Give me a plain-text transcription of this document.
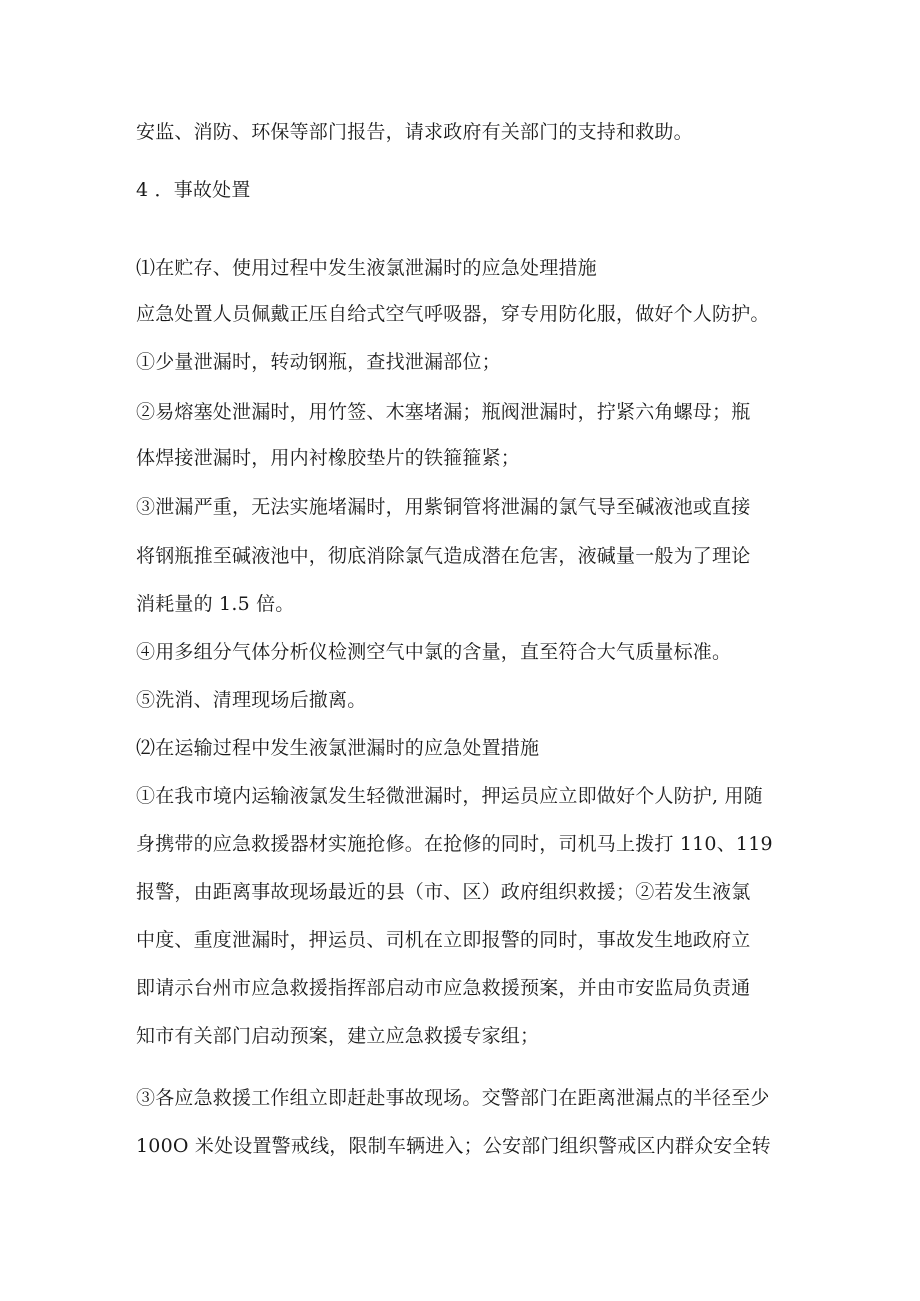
安监、消防、环保等部门报告，请求政府有关部门的支持和救助。
4 ．事故处置
⑴在贮存、使用过程中发生液氯泄漏时的应急处理措施
应急处置人员佩戴正压自给式空气呼吸器，穿专用防化服，做好个人防护。
①少量泄漏时，转动钢瓶，查找泄漏部位；
②易熔塞处泄漏时，用竹签、木塞堵漏；瓶阀泄漏时，拧紧六角螺母；瓶
体焊接泄漏时，用内衬橡胶垫片的铁箍箍紧；
③泄漏严重，无法实施堵漏时，用紫铜管将泄漏的氯气导至碱液池或直接
将钢瓶推至碱液池中，彻底消除氯气造成潜在危害，液碱量一般为了理论
消耗量的 1.5 倍。
④用多组分气体分析仪检测空气中氯的含量，直至符合大气质量标准。
⑤洗消、清理现场后撤离。
⑵在运输过程中发生液氯泄漏时的应急处置措施
①在我市境内运输液氯发生轻微泄漏时，押运员应立即做好个人防护, 用随
身携带的应急救援器材实施抢修。在抢修的同时，司机马上拨打 110、119
报警，由距离事故现场最近的县（市、区）政府组织救援；②若发生液氯
中度、重度泄漏时，押运员、司机在立即报警的同时，事故发生地政府立
即请示台州市应急救援指挥部启动市应急救援预案，并由市安监局负责通
知市有关部门启动预案，建立应急救援专家组；
③各应急救援工作组立即赶赴事故现场。交警部门在距离泄漏点的半径至少
100O 米处设置警戒线，限制车辆进入；公安部门组织警戒区内群众安全转
